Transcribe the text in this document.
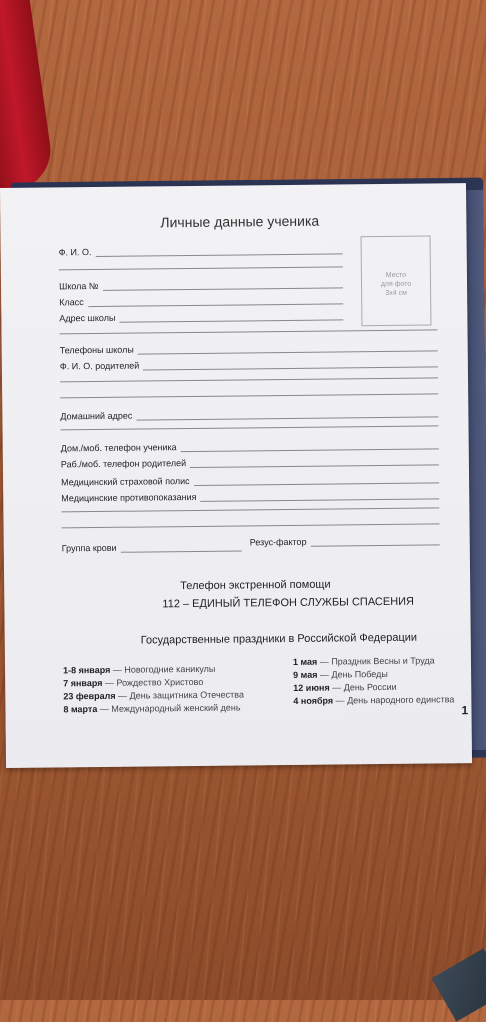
Личные данные ученика
Место
для фото
3x4 см
Ф. И. О.
Школа №
Класс
Адрес школы
Телефоны школы
Ф. И. О. родителей
Домашний адрес
Дом./моб. телефон ученика
Раб./моб. телефон родителей
Медицинский страховой полис
Медицинские противопоказания
Группа крови
Резус-фактор
Телефон экстренной помощи
112 – ЕДИНЫЙ ТЕЛЕФОН СЛУЖБЫ СПАСЕНИЯ
Государственные праздники в Российской Федерации
1-8 января — Новогодние каникулы
7 января — Рождество Христово
23 февраля — День защитника Отечества
8 марта — Международный женский день
1 мая — Праздник Весны и Труда
9 мая — День Победы
12 июня — День России
4 ноября — День народного единства
1
